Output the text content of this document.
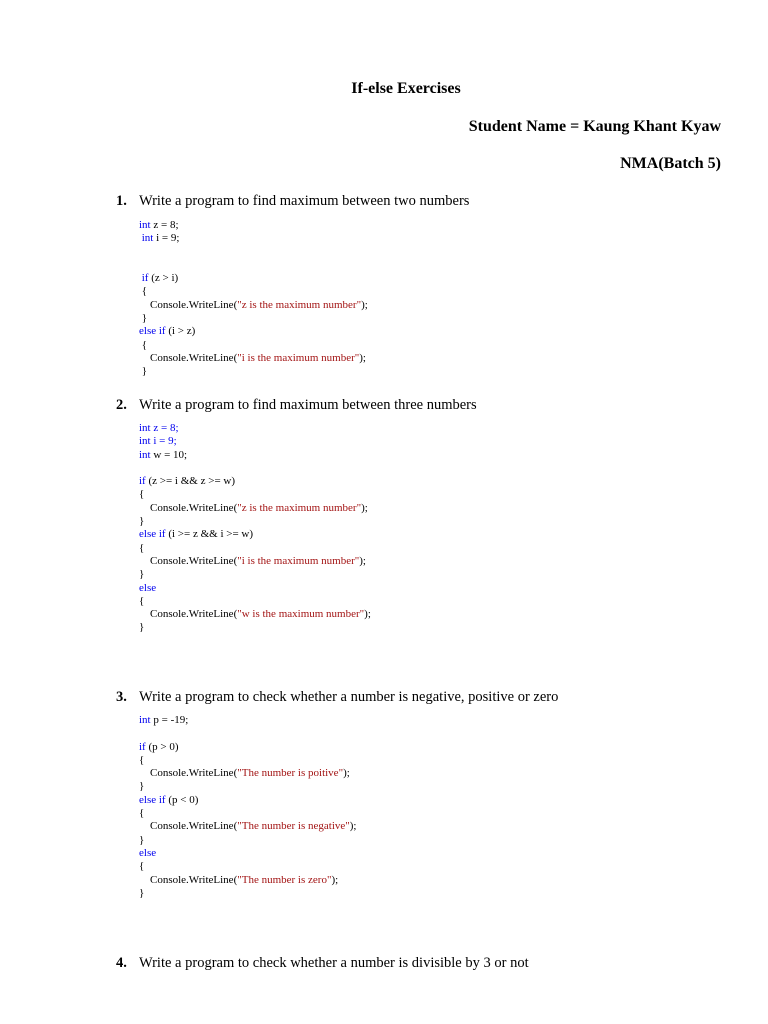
If-else Exercises
Student Name = Kaung Khant Kyaw
NMA(Batch 5)
1. Write a program to find maximum between two numbers
int z = 8;
int i = 9;
if (z > i)
{
Console.WriteLine("z is the maximum number");
}
else if (i > z)
{
Console.WriteLine("i is the maximum number");
}
2. Write a program to find maximum between three numbers
int z = 8;
int i = 9;
int w = 10;
if (z >= i && z >= w)
{
Console.WriteLine("z is the maximum number");
}
else if (i >= z && i >= w)
{
Console.WriteLine("i is the maximum number");
}
else
{
Console.WriteLine("w is the maximum number");
}
3. Write a program to check whether a number is negative, positive or zero
int p = -19;
if (p > 0)
{
Console.WriteLine("The number is poitive");
}
else if (p < 0)
{
Console.WriteLine("The number is negative");
}
else
{
Console.WriteLine("The number is zero");
}
4. Write a program to check whether a number is divisible by 3 or not
